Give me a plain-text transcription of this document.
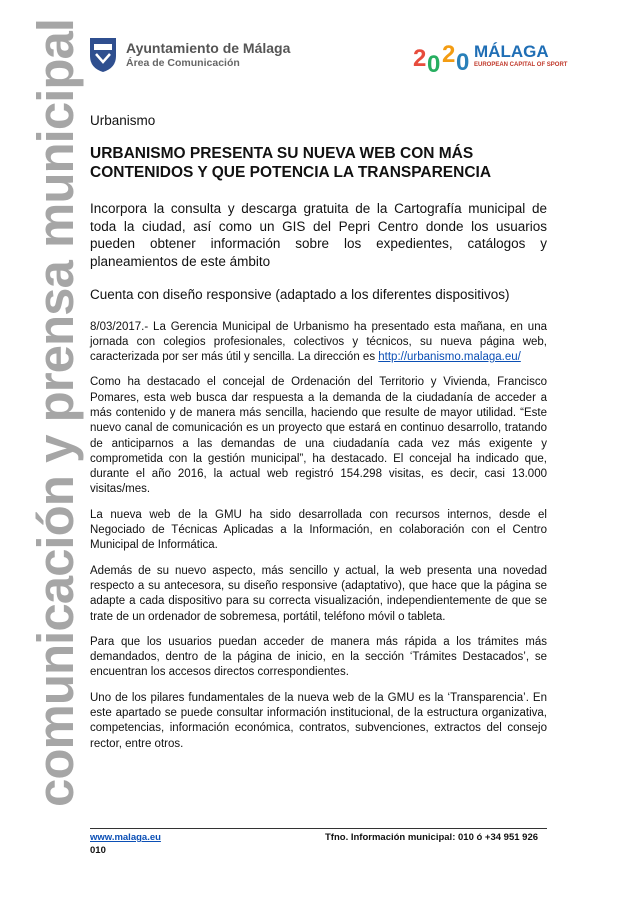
comunicación y prensa municipal	Ayuntamiento de Málaga
Área de Comunicación	2 0 2 0 MÁLAGA
EUROPEAN CAPITAL OF SPORT

Urbanismo

URBANISMO PRESENTA SU NUEVA WEB CON MÁS CONTENIDOS Y QUE POTENCIA LA TRANSPARENCIA

Incorpora la consulta y descarga gratuita de la Cartografía municipal de toda la ciudad, así como un GIS del Pepri Centro donde los usuarios pueden obtener información sobre los expedientes, catálogos y planeamientos de este ámbito

Cuenta con diseño responsive (adaptado a los diferentes dispositivos)

8/03/2017.- La Gerencia Municipal de Urbanismo ha presentado esta mañana, en una jornada con colegios profesionales, colectivos y técnicos, su nueva página web, caracterizada por ser más útil y sencilla. La dirección es http://urbanismo.malaga.eu/

Como ha destacado el concejal de Ordenación del Territorio y Vivienda, Francisco Pomares, esta web busca dar respuesta a la demanda de la ciudadanía de acceder a más contenido y de manera más sencilla, haciendo que resulte de mayor utilidad. “Este nuevo canal de comunicación es un proyecto que estará en continuo desarrollo, tratando de anticiparnos a las demandas de una ciudadanía cada vez más exigente y comprometida con la gestión municipal”, ha destacado. El concejal ha indicado que, durante el año 2016, la actual web registró 154.298 visitas, es decir, casi 13.000 visitas/mes.

La nueva web de la GMU ha sido desarrollada con recursos internos, desde el Negociado de Técnicas Aplicadas a la Información, en colaboración con el Centro Municipal de Informática.

Además de su nuevo aspecto, más sencillo y actual, la web presenta una novedad respecto a su antecesora, su diseño responsive (adaptativo), que hace que la página se adapte a cada dispositivo para su correcta visualización, independientemente de que se trate de un ordenador de sobremesa, portátil, teléfono móvil o tableta.

Para que los usuarios puedan acceder de manera más rápida a los trámites más demandados, dentro de la página de inicio, en la sección ‘Trámites Destacados’, se encuentran los accesos directos correspondientes.

Uno de los pilares fundamentales de la nueva web de la GMU es la ‘Transparencia’. En este apartado se puede consultar información institucional, de la estructura organizativa, competencias, información económica, contratos, subvenciones, extractos del consejo rector, entre otros.

www.malaga.eu	Tfno. Información municipal: 010 ó +34 951 926
010
